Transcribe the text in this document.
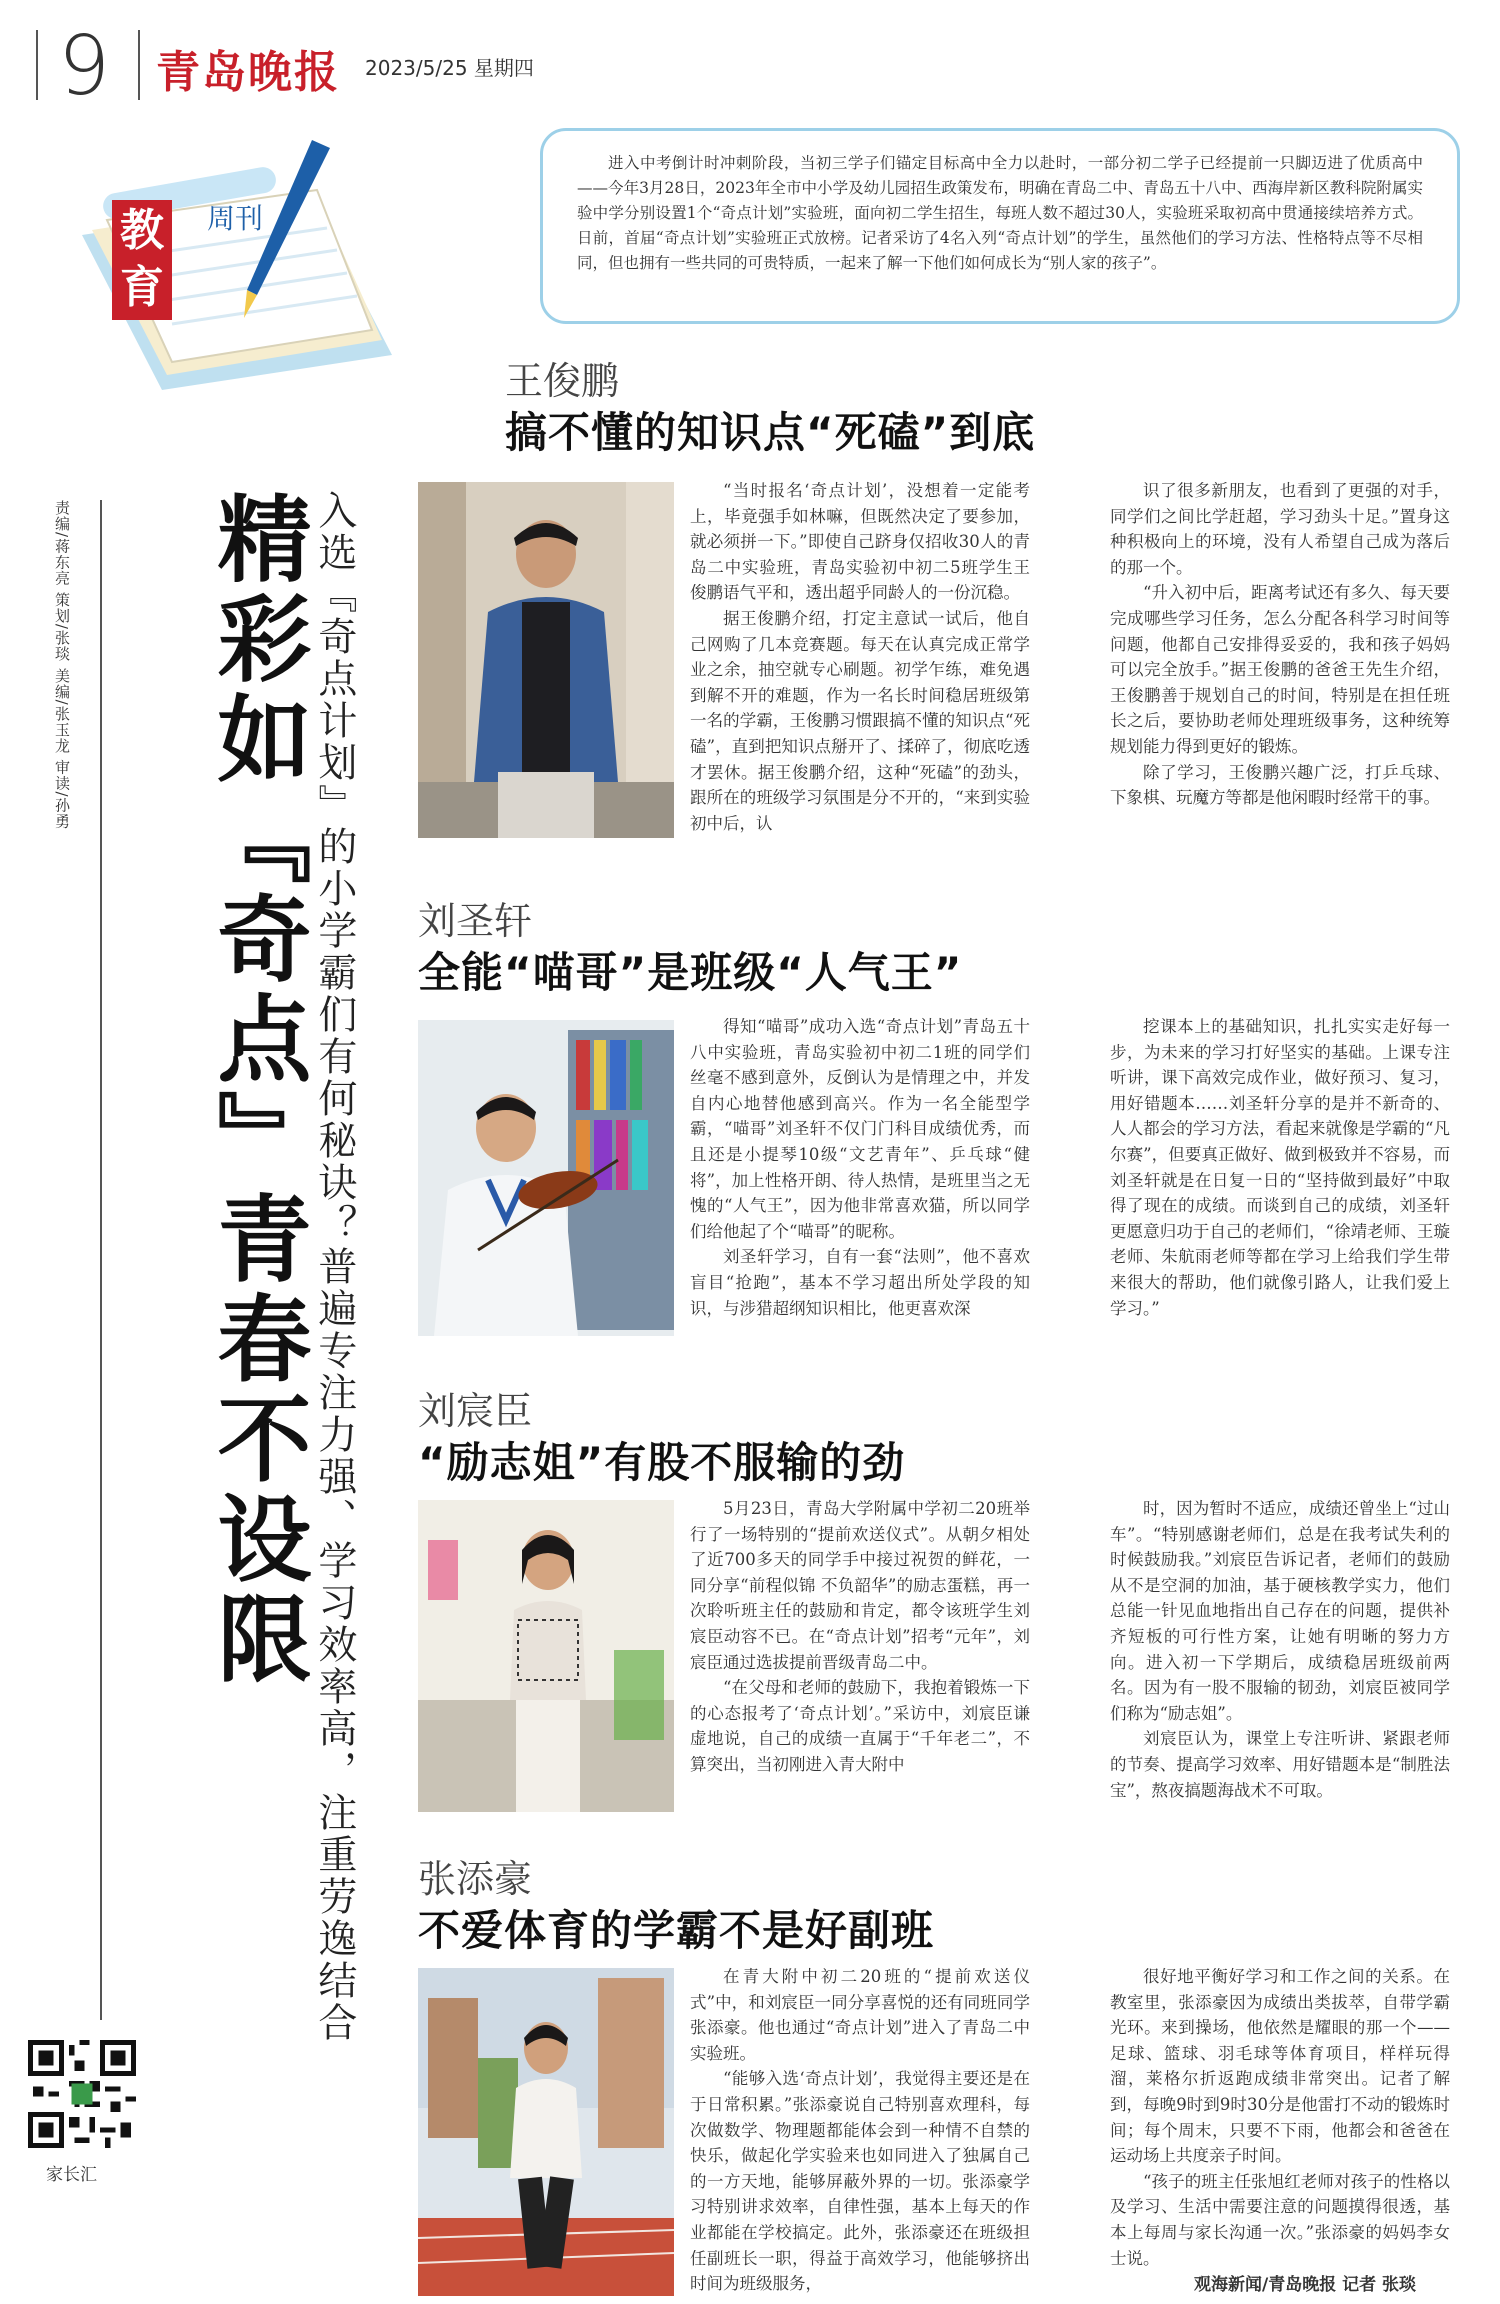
9 青岛晚报 2023/5/25 星期四
教
育
周刊
进入中考倒计时冲刺阶段，当初三学子们锚定目标高中全力以赴时，一部分初二学子已经提前一只脚迈进了优质高中——今年3月28日，2023年全市中小学及幼儿园招生政策发布，明确在青岛二中、青岛五十八中、西海岸新区教科院附属实验中学分别设置1个“奇点计划”实验班，面向初二学生招生，每班人数不超过30人，实验班采取初高中贯通接续培养方式。日前，首届“奇点计划”实验班正式放榜。记者采访了4名入列“奇点计划”的学生，虽然他们的学习方法、性格特点等不尽相同，但也拥有一些共同的可贵特质，一起来了解一下他们如何成长为“别人家的孩子”。
责编/蒋东亮 策划/张琰 美编/张玉龙 审读/孙勇 精彩如『奇点』青春不设限 入选『奇点计划』的小学霸们有何秘诀？普遍专注力强、学习效率高，注重劳逸结合
家长汇
王俊鹏
搞不懂的知识点“死磕”到底

“当时报名‘奇点计划’，没想着一定能考上，毕竟强手如林嘛，但既然决定了要参加，就必须拼一下。”即使自己跻身仅招收30人的青岛二中实验班，青岛实验初中初二5班学生王俊鹏语气平和，透出超乎同龄人的一份沉稳。

据王俊鹏介绍，打定主意试一试后，他自己网购了几本竞赛题。每天在认真完成正常学业之余，抽空就专心刷题。初学乍练，难免遇到解不开的难题，作为一名长时间稳居班级第一名的学霸，王俊鹏习惯跟搞不懂的知识点“死磕”，直到把知识点掰开了、揉碎了，彻底吃透才罢休。据王俊鹏介绍，这种“死磕”的劲头，跟所在的班级学习氛围是分不开的，“来到实验初中后，认

识了很多新朋友，也看到了更强的对手，同学们之间比学赶超，学习劲头十足。”置身这种积极向上的环境，没有人希望自己成为落后的那一个。

“升入初中后，距离考试还有多久、每天要完成哪些学习任务，怎么分配各科学习时间等问题，他都自己安排得妥妥的，我和孩子妈妈可以完全放手。”据王俊鹏的爸爸王先生介绍，王俊鹏善于规划自己的时间，特别是在担任班长之后，要协助老师处理班级事务，这种统筹规划能力得到更好的锻炼。

除了学习，王俊鹏兴趣广泛，打乒乓球、下象棋、玩魔方等都是他闲暇时经常干的事。

刘圣轩
全能“喵哥”是班级“人气王”

得知“喵哥”成功入选“奇点计划”青岛五十八中实验班，青岛实验初中初二1班的同学们丝毫不感到意外，反倒认为是情理之中，并发自内心地替他感到高兴。作为一名全能型学霸，“喵哥”刘圣轩不仅门门科目成绩优秀，而且还是小提琴10级“文艺青年”、乒乓球“健将”，加上性格开朗、待人热情，是班里当之无愧的“人气王”，因为他非常喜欢猫，所以同学们给他起了个“喵哥”的昵称。

刘圣轩学习，自有一套“法则”，他不喜欢盲目“抢跑”，基本不学习超出所处学段的知识，与涉猎超纲知识相比，他更喜欢深

挖课本上的基础知识，扎扎实实走好每一步，为未来的学习打好坚实的基础。上课专注听讲，课下高效完成作业，做好预习、复习，用好错题本……刘圣轩分享的是并不新奇的、人人都会的学习方法，看起来就像是学霸的“凡尔赛”，但要真正做好、做到极致并不容易，而刘圣轩就是在日复一日的“坚持做到最好”中取得了现在的成绩。而谈到自己的成绩，刘圣轩更愿意归功于自己的老师们，“徐靖老师、王璇老师、朱航雨老师等都在学习上给我们学生带来很大的帮助，他们就像引路人，让我们爱上学习。”

刘宸臣
“励志姐”有股不服输的劲

5月23日，青岛大学附属中学初二20班举行了一场特别的“提前欢送仪式”。从朝夕相处了近700多天的同学手中接过祝贺的鲜花，一同分享“前程似锦 不负韶华”的励志蛋糕，再一次聆听班主任的鼓励和肯定，都令该班学生刘宸臣动容不已。在“奇点计划”招考“元年”，刘宸臣通过选拔提前晋级青岛二中。

“在父母和老师的鼓励下，我抱着锻炼一下的心态报考了‘奇点计划’。”采访中，刘宸臣谦虚地说，自己的成绩一直属于“千年老二”，不算突出，当初刚进入青大附中

时，因为暂时不适应，成绩还曾坐上“过山车”。“特别感谢老师们，总是在我考试失利的时候鼓励我。”刘宸臣告诉记者，老师们的鼓励从不是空洞的加油，基于硬核教学实力，他们总能一针见血地指出自己存在的问题，提供补齐短板的可行性方案，让她有明晰的努力方向。进入初一下学期后，成绩稳居班级前两名。因为有一股不服输的韧劲，刘宸臣被同学们称为“励志姐”。

刘宸臣认为，课堂上专注听讲、紧跟老师的节奏、提高学习效率、用好错题本是“制胜法宝”，熬夜搞题海战术不可取。

张添豪
不爱体育的学霸不是好副班

在青大附中初二20班的“提前欢送仪式”中，和刘宸臣一同分享喜悦的还有同班同学张添豪。他也通过“奇点计划”进入了青岛二中实验班。

“能够入选‘奇点计划’，我觉得主要还是在于日常积累。”张添豪说自己特别喜欢理科，每次做数学、物理题都能体会到一种情不自禁的快乐，做起化学实验来也如同进入了独属自己的一方天地，能够屏蔽外界的一切。张添豪学习特别讲求效率，自律性强，基本上每天的作业都能在学校搞定。此外，张添豪还在班级担任副班长一职，得益于高效学习，他能够挤出时间为班级服务，

很好地平衡好学习和工作之间的关系。在教室里，张添豪因为成绩出类拔萃，自带学霸光环。来到操场，他依然是耀眼的那一个——足球、篮球、羽毛球等体育项目，样样玩得溜，莱格尔折返跑成绩非常突出。记者了解到，每晚9时到9时30分是他雷打不动的锻炼时间；每个周末，只要不下雨，他都会和爸爸在运动场上共度亲子时间。

“孩子的班主任张旭红老师对孩子的性格以及学习、生活中需要注意的问题摸得很透，基本上每周与家长沟通一次。”张添豪的妈妈李女士说。

观海新闻/青岛晚报 记者 张琰
